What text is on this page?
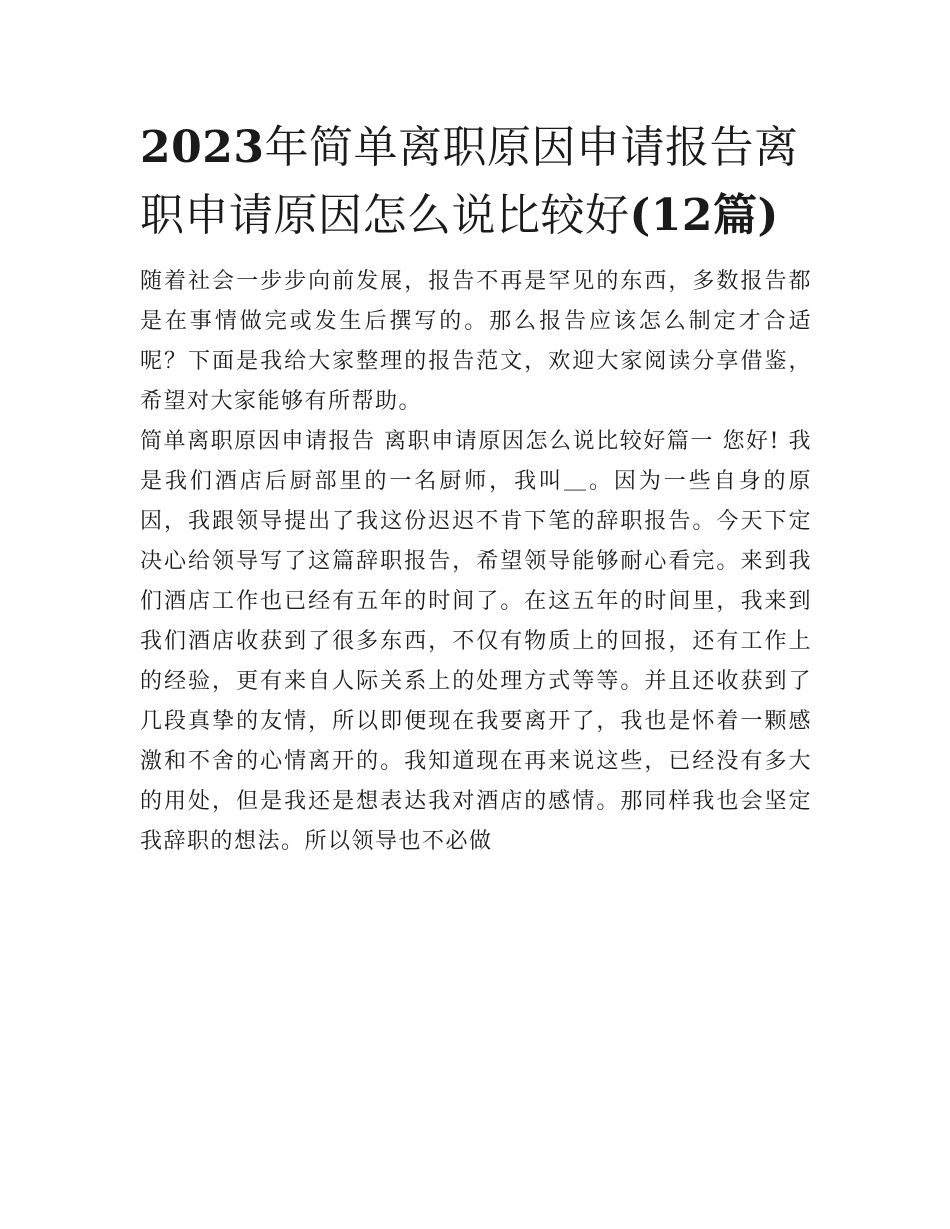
2023年简单离职原因申请报告离职申请原因怎么说比较好(12篇)

随着社会一步步向前发展，报告不再是罕见的东西，多数报告都是在事情做完或发生后撰写的。那么报告应该怎么制定才合适呢？下面是我给大家整理的报告范文，欢迎大家阅读分享借鉴，希望对大家能够有所帮助。

简单离职原因申请报告 离职申请原因怎么说比较好篇一 您好! 我是我们酒店后厨部里的一名厨师，我叫＿。因为一些自身的原因，我跟领导提出了我这份迟迟不肯下笔的辞职报告。今天下定决心给领导写了这篇辞职报告，希望领导能够耐心看完。来到我们酒店工作也已经有五年的时间了。在这五年的时间里，我来到我们酒店收获到了很多东西，不仅有物质上的回报，还有工作上的经验，更有来自人际关系上的处理方式等等。并且还收获到了几段真挚的友情，所以即便现在我要离开了，我也是怀着一颗感激和不舍的心情离开的。我知道现在再来说这些，已经没有多大的用处，但是我还是想表达我对酒店的感情。那同样我也会坚定我辞职的想法。所以领导也不必做
